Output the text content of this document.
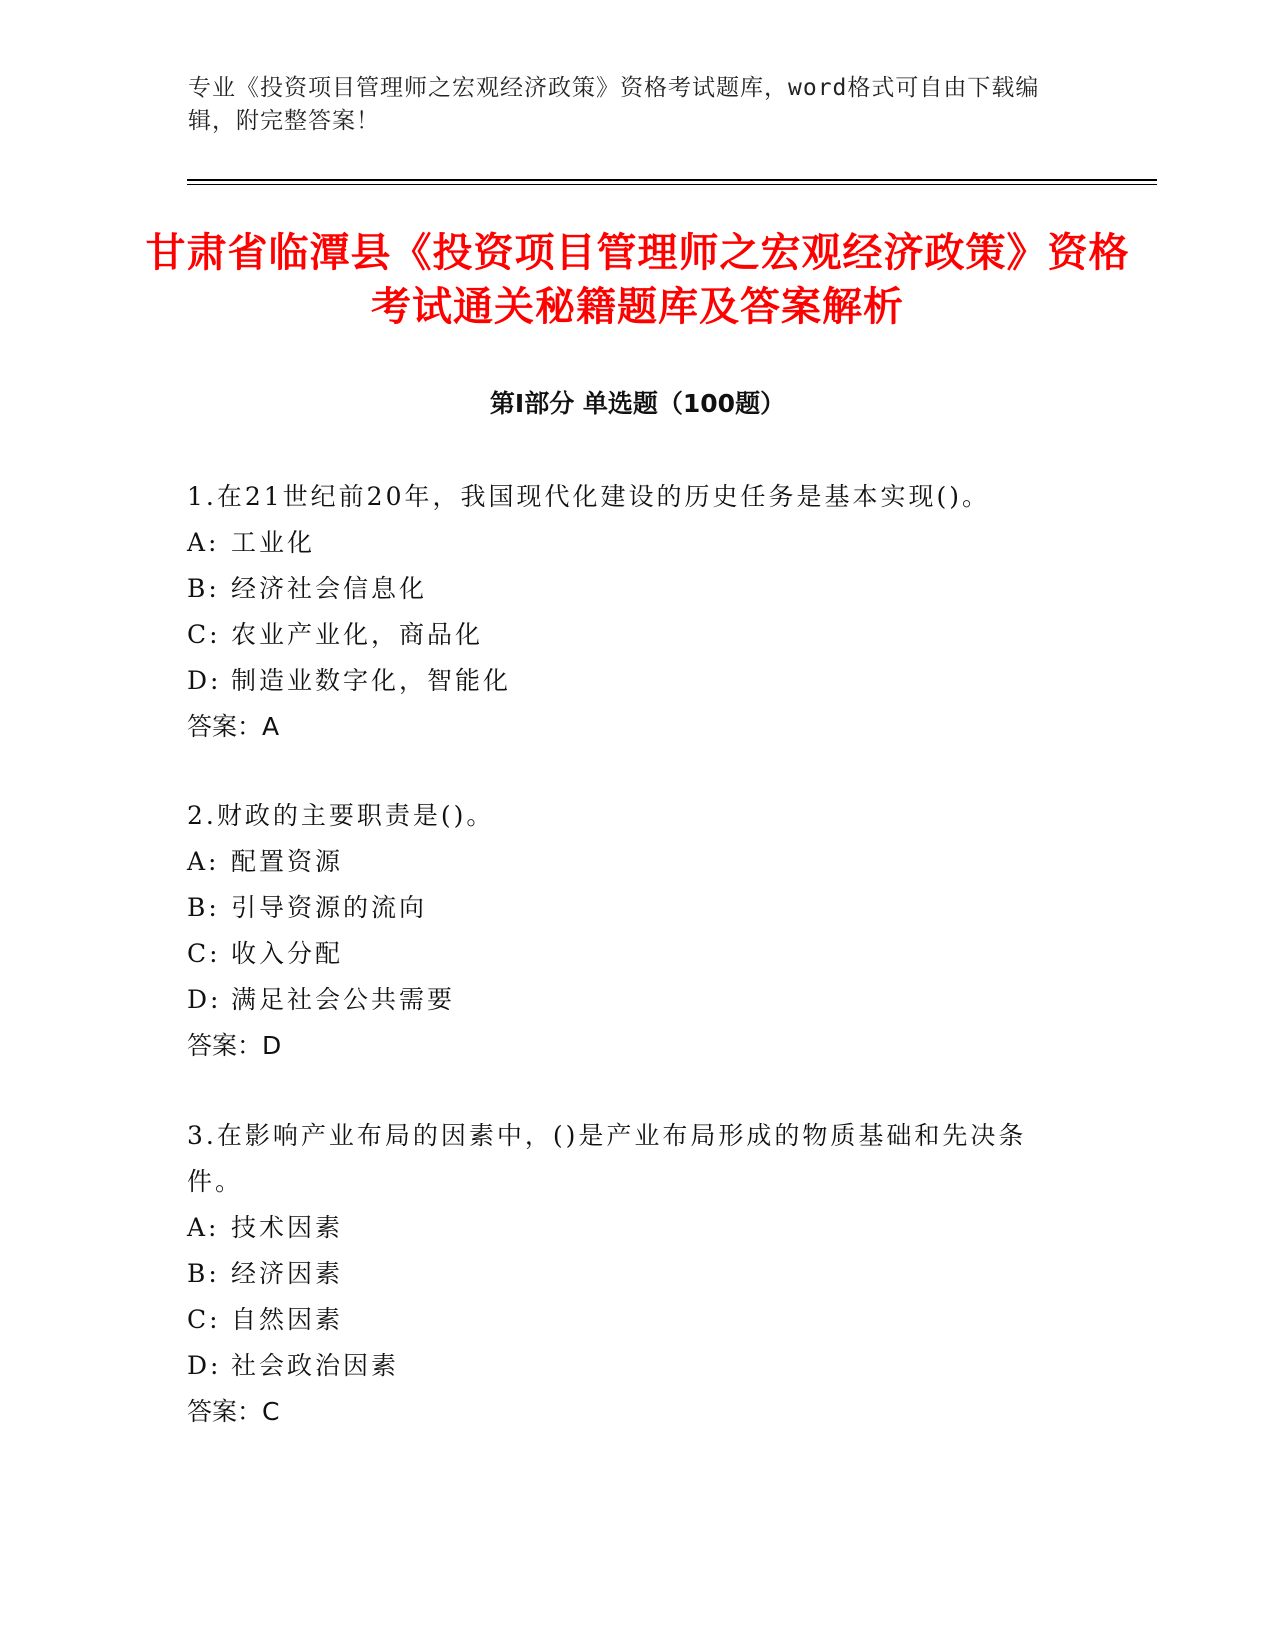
专业《投资项目管理师之宏观经济政策》资格考试题库，word格式可自由下载编辑，附完整答案！
甘肃省临潭县《投资项目管理师之宏观经济政策》资格考试通关秘籍题库及答案解析
第Ⅰ部分 单选题（100题）

1.在21世纪前20年，我国现代化建设的历史任务是基本实现()。

A: 工业化

B: 经济社会信息化

C: 农业产业化，商品化

D: 制造业数字化，智能化

答案：A

2.财政的主要职责是()。

A: 配置资源

B: 引导资源的流向

C: 收入分配

D: 满足社会公共需要

答案：D

3.在影响产业布局的因素中，()是产业布局形成的物质基础和先决条件。

A: 技术因素

B: 经济因素

C: 自然因素

D: 社会政治因素

答案：C
